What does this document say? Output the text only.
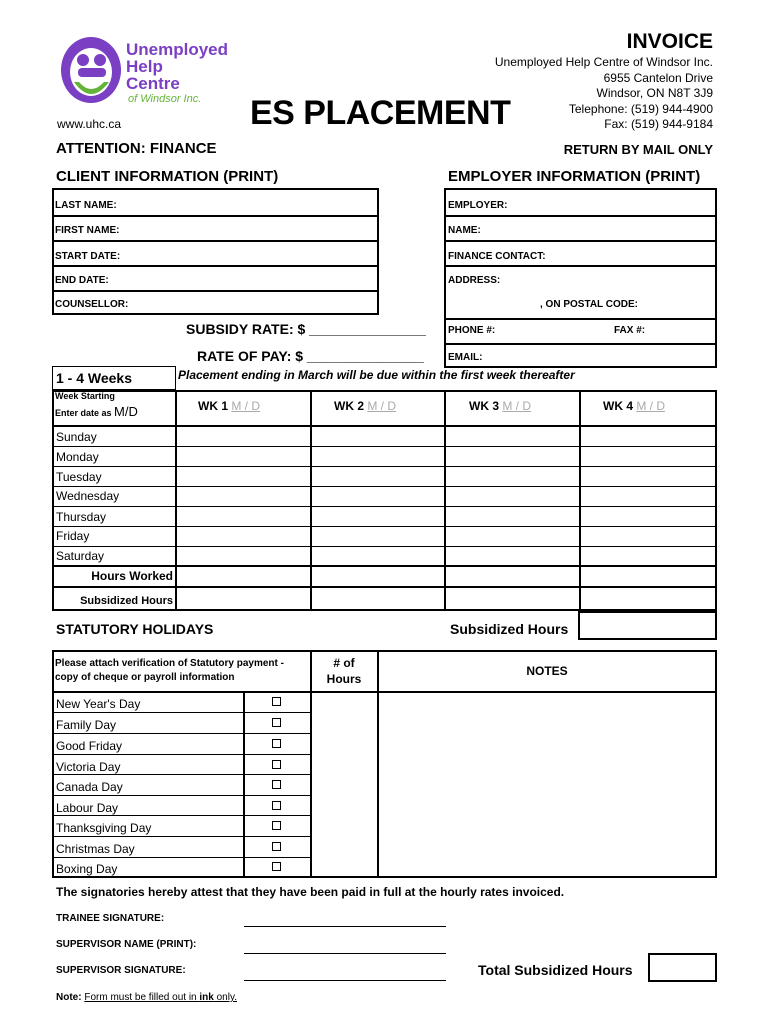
Unemployed
Help
Centre
of Windsor Inc.
www.uhc.ca	ES PLACEMENT
INVOICE
Unemployed Help Centre of Windsor Inc.
6955 Cantelon Drive
Windsor, ON N8T 3J9
Telephone: (519) 944-4900
Fax: (519) 944-9184
ATTENTION: FINANCE	RETURN BY MAIL ONLY
CLIENT INFORMATION (PRINT)
LAST NAME:
FIRST NAME:
START DATE:
END DATE:
COUNSELLOR:
SUBSIDY RATE: $ _______________
RATE OF PAY: $ _______________
EMPLOYER INFORMATION (PRINT)
EMPLOYER:
NAME:
FINANCE CONTACT:
ADDRESS:
, ON POSTAL CODE:
PHONE #:	FAX #:
EMAIL:
1 - 4 Weeks	Placement ending in March will be due within the first week thereafter
Week Starting
Enter date as M/D	WK 1 M / D	WK 2 M / D	WK 3 M / D	WK 4 M / D
Sunday
Monday
Tuesday
Wednesday
Thursday
Friday
Saturday
Hours Worked
Subsidized Hours
STATUTORY HOLIDAYS	Subsidized Hours
Please attach verification of Statutory payment - copy of cheque or payroll information
# of Hours
NOTES
New Year's Day
Family Day
Good Friday
Victoria Day
Canada Day
Labour Day
Thanksgiving Day
Christmas Day
Boxing Day
The signatories hereby attest that they have been paid in full at the hourly rates invoiced.
TRAINEE SIGNATURE:
SUPERVISOR NAME (PRINT):
SUPERVISOR SIGNATURE:	Total Subsidized Hours
Note: Form must be filled out in ink only.
